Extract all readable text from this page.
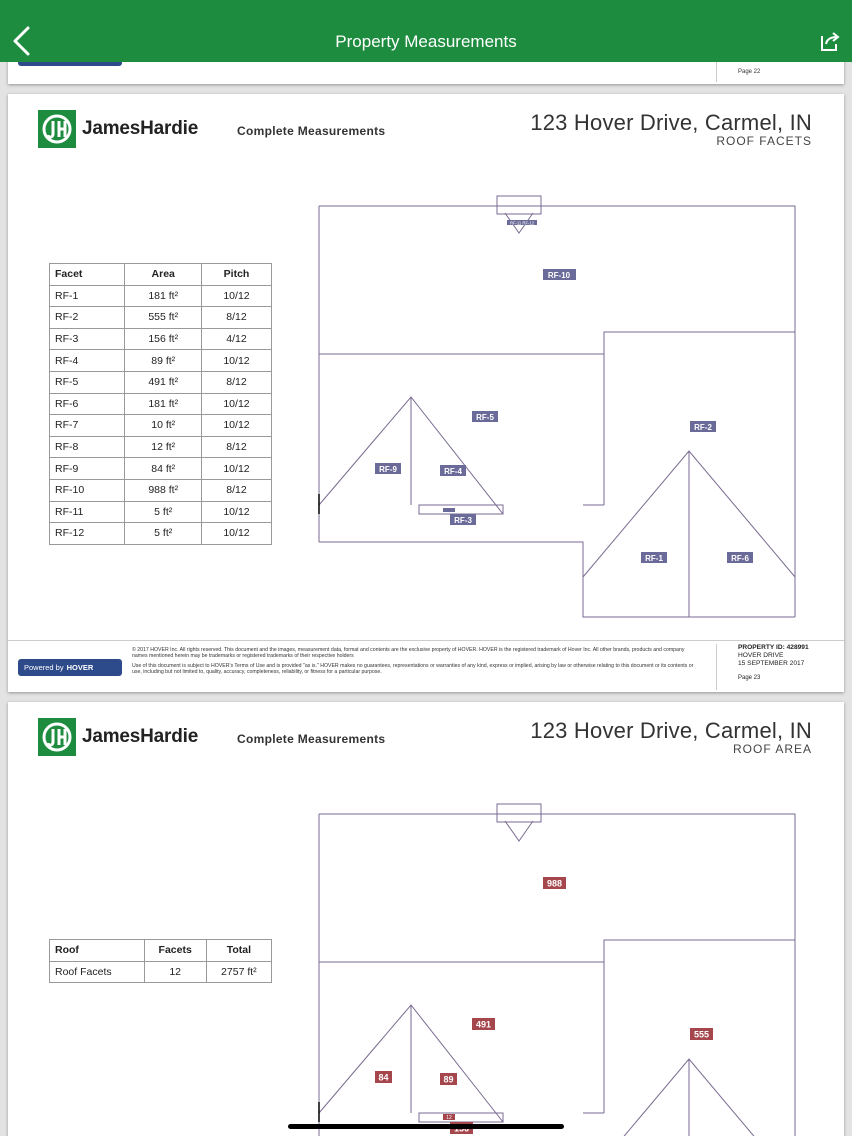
Property Measurements
Page 22
JamesHardie	Complete Measurements	123 Hover Drive, Carmel, IN
ROOF FACETS
Facet	Area	Pitch
RF-1	181 ft²	10/12
RF-2	555 ft²	8/12
RF-3	156 ft²	4/12
RF-4	89 ft²	10/12
RF-5	491 ft²	8/12
RF-6	181 ft²	10/12
RF-7	10 ft²	10/12
RF-8	12 ft²	8/12
RF-9	84 ft²	10/12
RF-10	988 ft²	8/12
RF-11	5 ft²	10/12
RF-12	5 ft²	10/12
RF-10
RF-11 RF-12
RF-5
RF-2
RF-9	RF-4
RF-3
RF-1	RF-6
Powered by HOVER

© 2017 HOVER Inc. All rights reserved. This document and the images, measurement data, format and contents are the exclusive property of HOVER. HOVER is the registered trademark of Hover Inc. All other brands, products and company names mentioned herein may be trademarks or registered trademarks of their respective holders

Use of this document is subject to HOVER's Terms of Use and is provided "as is." HOVER makes no guarantees, representations or warranties of any kind, express or implied, arising by law or otherwise relating to this document or its contents or use, including but not limited to, quality, accuracy, completeness, reliability, or fitness for a particular purpose.

PROPERTY ID: 428991
HOVER DRIVE
15 SEPTEMBER 2017
Page 23
JamesHardie	Complete Measurements	123 Hover Drive, Carmel, IN
ROOF AREA
Roof	Facets	Total
Roof Facets	12	2757 ft²
988
491
555
84	89
12
